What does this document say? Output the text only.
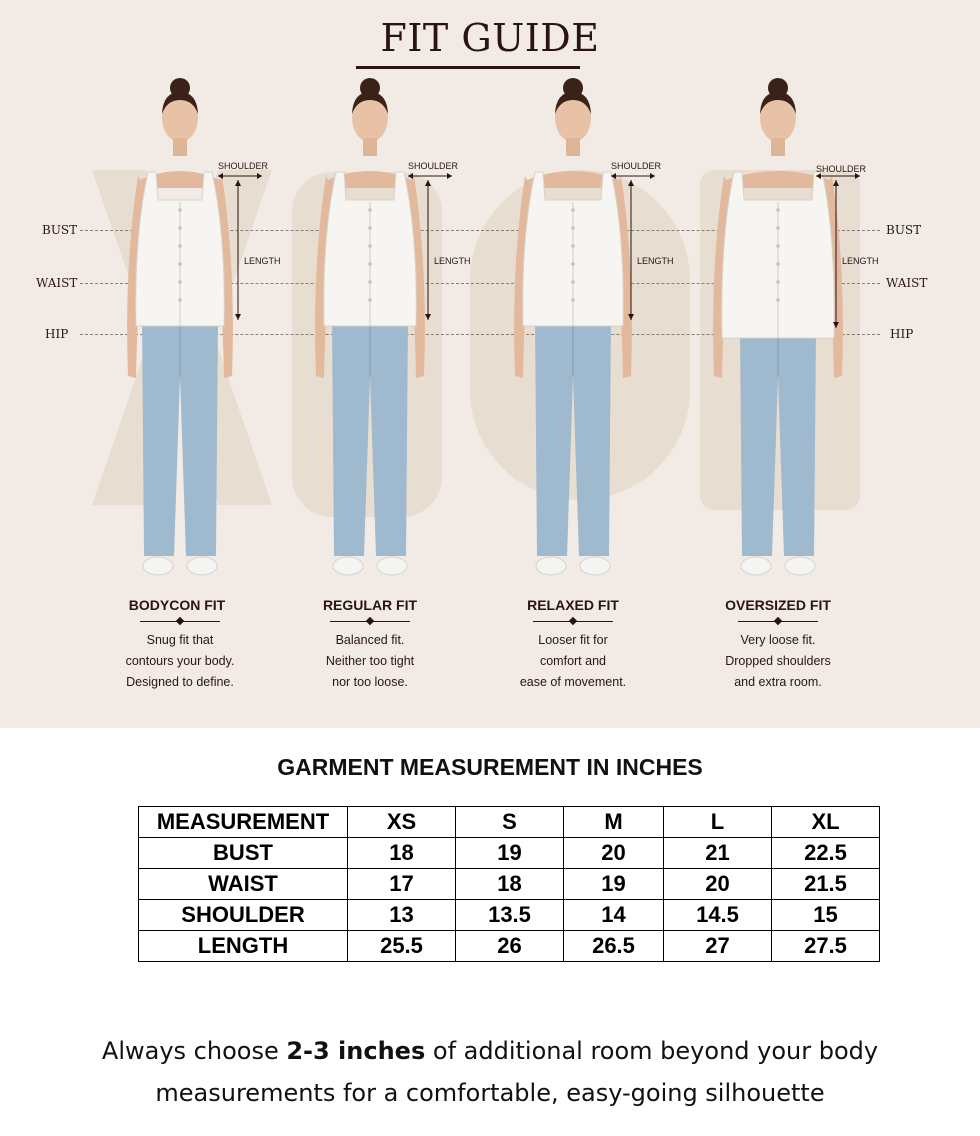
FIT GUIDE
BUST
WAIST
HIP
BUST
WAIST
HIP
SHOULDER
LENGTH
BODYCON FIT
Snug fit that
contours your body.
Designed to define.
SHOULDER
LENGTH
REGULAR FIT
Balanced fit.
Neither too tight
nor too loose.
SHOULDER
LENGTH
RELAXED FIT
Looser fit for
comfort and
ease of movement.
SHOULDER
LENGTH
OVERSIZED FIT
Very loose fit.
Dropped shoulders
and extra room.
GARMENT MEASUREMENT IN INCHES
MEASUREMENT	XS	S	M	L	XL
BUST	18	19	20	21	22.5
WAIST	17	18	19	20	21.5
SHOULDER	13	13.5	14	14.5	15
LENGTH	25.5	26	26.5	27	27.5
Always choose 2-3 inches of additional room beyond your body
measurements for a comfortable, easy-going silhouette
